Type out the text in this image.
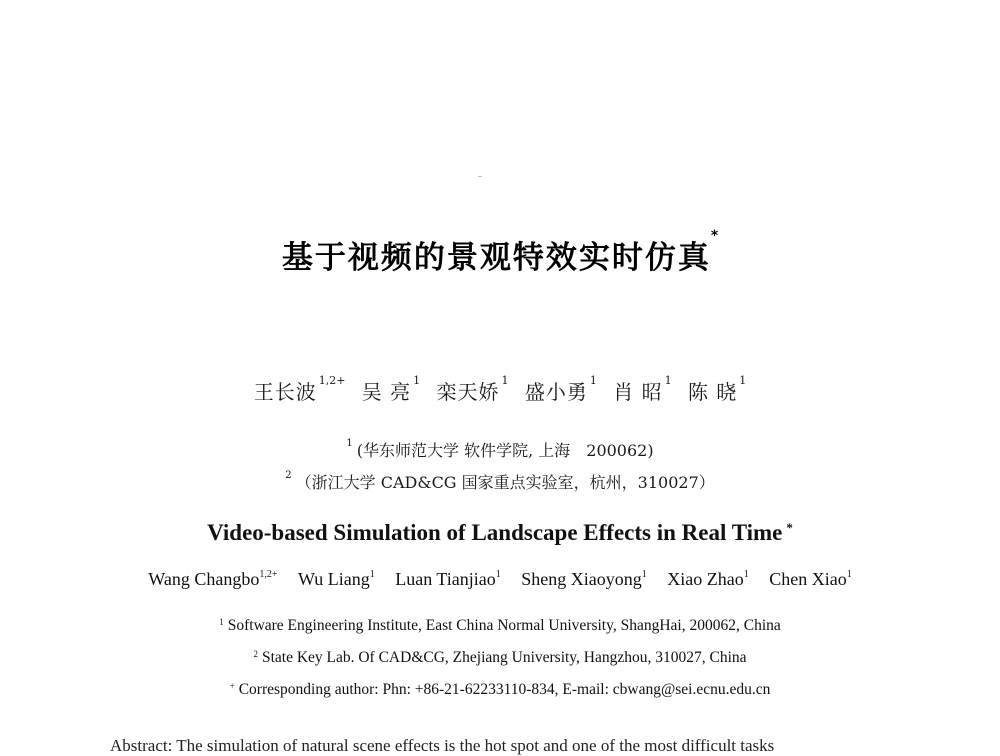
基于视频的景观特效实时仿真*
王长波 $^{1,2+}$ 吴 亮 $^1$ 栾天娇 $^1$ 盛小勇 $^1$ 肖 昭 $^1$ 陈 晓 $^1$
$^1$ (华东师范大学 软件学院, 上海　200062)
$^2$ （浙江大学 CAD&CG 国家重点实验室，杭州，310027）
Video-based Simulation of Landscape Effects in Real Time *
Wang Changbo$^{1,2+}$ Wu Liang$^1$ Luan Tianjiao$^1$ Sheng Xiaoyong$^1$ Xiao Zhao$^1$ Chen Xiao$^1$
$^1$ Software Engineering Institute, East China Normal University, ShangHai, 200062, China
$^2$ State Key Lab. Of CAD&CG, Zhejiang University, Hangzhou, 310027, China
+ Corresponding author: Phn: +86-21-62233110-834, E-mail: cbwang@sei.ecnu.edu.cn
Abstract: The simulation of natural scene effects is the hot spot and one of the most difficult tasks
